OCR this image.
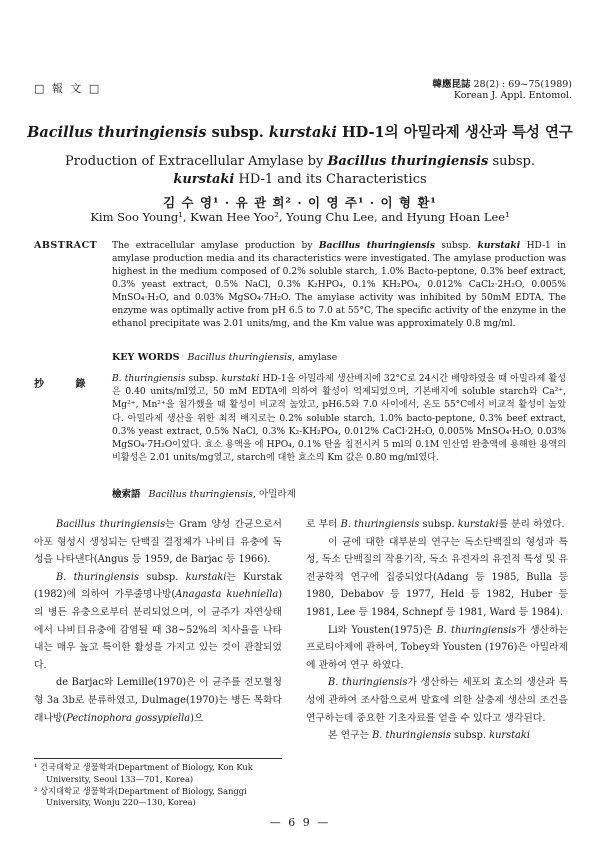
□ 報 文 □	韓應昆誌 28(2) : 69~75(1989)
Korean J. Appl. Entomol.
Bacillus thuringiensis subsp. kurstaki HD-1의 아밀라제 생산과 특성 연구
Production of Extracellular Amylase by Bacillus thuringiensis subsp. kurstaki HD-1 and its Characteristics
김 수 영¹ · 유 관 희² · 이 영 주¹ · 이 형 환¹
Kim Soo Young¹, Kwan Hee Yoo², Young Chu Lee, and Hyung Hoan Lee¹
ABSTRACT The extracellular amylase production by Bacillus thuringiensis subsp. kurstaki HD-1 in amylase production media and its characteristics were investigated. The amylase production was highest in the medium composed of 0.2% soluble starch, 1.0% Bacto-peptone, 0.3% beef extract, 0.3% yeast extract, 0.5% NaCl, 0.3% K₂HPO₄, 0.1% KH₂PO₄, 0.012% CaCl₂·2H₂O, 0.005% MnSO₄·H₂O, and 0.03% MgSO₄·7H₂O. The amylase activity was inhibited by 50mM EDTA. The enzyme was optimally active from pH 6.5 to 7.0 at 55°C, The specific activity of the enzyme in the ethanol precipitate was 2.01 units/mg, and the Km value was approximately 0.8 mg/ml.
KEY WORDS Bacillus thuringiensis, amylase
抄 錄 B. thuringiensis subsp. kurstaki HD-1을 아밀라제 생산배지에 32°C로 24시간 배양하였을 때 아밀라제 활성은 0.40 units/ml였고, 50 mM EDTA에 의하여 활성이 억제되었으며, 기본배지에 soluble starch와 Ca²⁺, Mg²⁺, Mn²⁺을 첨가했을 때 활성이 비교적 높았고, pH6.5와 7.0 사이에서, 온도 55°C에서 비교적 활성이 높았다. 아밀라제 생산을 위한 최적 배지로는 0.2% soluble starch, 1.0% bacto-peptone, 0.3% beef extract, 0.3% yeast extract, 0.5% NaCl, 0.3% K₂-KH₂PO₄, 0.012% CaCl·2H₂O, 0.005% MnSO₄·H₂O, 0.03% MgSO₄·7H₂O이었다. 효소 용액을 에 HPO₄, 0.1% 탄올 침전시켜 5 ml의 0.1M 인산염 완충액에 용해한 용액의 비활성은 2.01 units/mg였고, starch에 대한 효소의 Km 값은 0.80 mg/ml였다.
檢索語 Bacillus thuringiensis, 아밀라제

Bacillus thuringiensis는 Gram 양성 간균으로서 아포 형성시 생성되는 단백질 결정체가 나비目 유충에 독성을 나타낸다(Angus 등 1959, de Barjac 등 1966).

B. thuringiensis subsp. kurstaki는 Kurstak (1982)에 의하여 가루줄명나방(Anagasta kuehniella)의 병든 유충으로부터 분리되었으며, 이 균주가 자연상태에서 나비目유충에 감염될 때 38~52%의 치사율을 나타내는 매우 높고 특이한 활성을 가지고 있는 것이 관찰되었다.

de Barjac와 Lemille(1970)은 이 균주를 전모혈청형 3a 3b로 분류하였고, Dulmage(1970)는 병든 목화다래나방(Pectinophora gossypiella)으

로 부터 B. thuringiensis subsp. kurstaki를 분리 하였다.

이 균에 대한 대부분의 연구는 독소단백질의 형성과 특성, 독소 단백질의 작용기작, 독소 유전자의 유전적 특성 및 유전공학적 연구에 집중되었다(Adang 등 1985, Bulla 등 1980, Debabov 등 1977, Held 등 1982, Huber 등 1981, Lee 등 1984, Schnepf 등 1981, Ward 등 1984).

Li와 Yousten(1975)은 B. thuringiensis가 생산하는 프로티아제에 관하여, Tobey와 Yousten (1976)은 아밀라제에 관하여 연구 하였다.

B. thuringiensis가 생산하는 세포외 효소의 생산과 특성에 관하여 조사함으로써 발효에 의한 살충제 생산의 조건을 연구하는데 중요한 기초자료를 얻을 수 있다고 생각된다.

본 연구는 B. thuringiensis subsp. kurstaki

¹ 건국대학교 생물학과(Department of Biology, Kon Kuk University, Seoul 133—701, Korea)
² 상지대학교 생물학과(Department of Biology, Sanggi University, Wonju 220—130, Korea)
— 6 9 —
